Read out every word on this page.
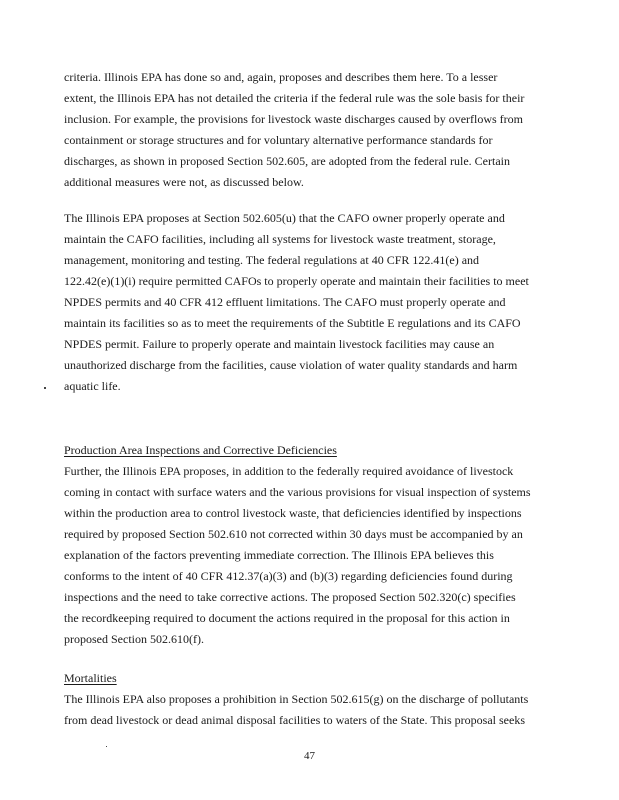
criteria. Illinois EPA has done so and, again, proposes and describes them here. To a lesser
extent, the Illinois EPA has not detailed the criteria if the federal rule was the sole basis for their
inclusion. For example, the provisions for livestock waste discharges caused by overflows from
containment or storage structures and for voluntary alternative performance standards for
discharges, as shown in proposed Section 502.605, are adopted from the federal rule. Certain
additional measures were not, as discussed below.
The Illinois EPA proposes at Section 502.605(u) that the CAFO owner properly operate and
maintain the CAFO facilities, including all systems for livestock waste treatment, storage,
management, monitoring and testing. The federal regulations at 40 CFR 122.41(e) and
122.42(e)(1)(i) require permitted CAFOs to properly operate and maintain their facilities to meet
NPDES permits and 40 CFR 412 effluent limitations. The CAFO must properly operate and
maintain its facilities so as to meet the requirements of the Subtitle E regulations and its CAFO
NPDES permit. Failure to properly operate and maintain livestock facilities may cause an
unauthorized discharge from the facilities, cause violation of water quality standards and harm
aquatic life.
Production Area Inspections and Corrective Deficiencies
Further, the Illinois EPA proposes, in addition to the federally required avoidance of livestock
coming in contact with surface waters and the various provisions for visual inspection of systems
within the production area to control livestock waste, that deficiencies identified by inspections
required by proposed Section 502.610 not corrected within 30 days must be accompanied by an
explanation of the factors preventing immediate correction. The Illinois EPA believes this
conforms to the intent of 40 CFR 412.37(a)(3) and (b)(3) regarding deficiencies found during
inspections and the need to take corrective actions. The proposed Section 502.320(c) specifies
the recordkeeping required to document the actions required in the proposal for this action in
proposed Section 502.610(f).
Mortalities
The Illinois EPA also proposes a prohibition in Section 502.615(g) on the discharge of pollutants
from dead livestock or dead animal disposal facilities to waters of the State. This proposal seeks
47
